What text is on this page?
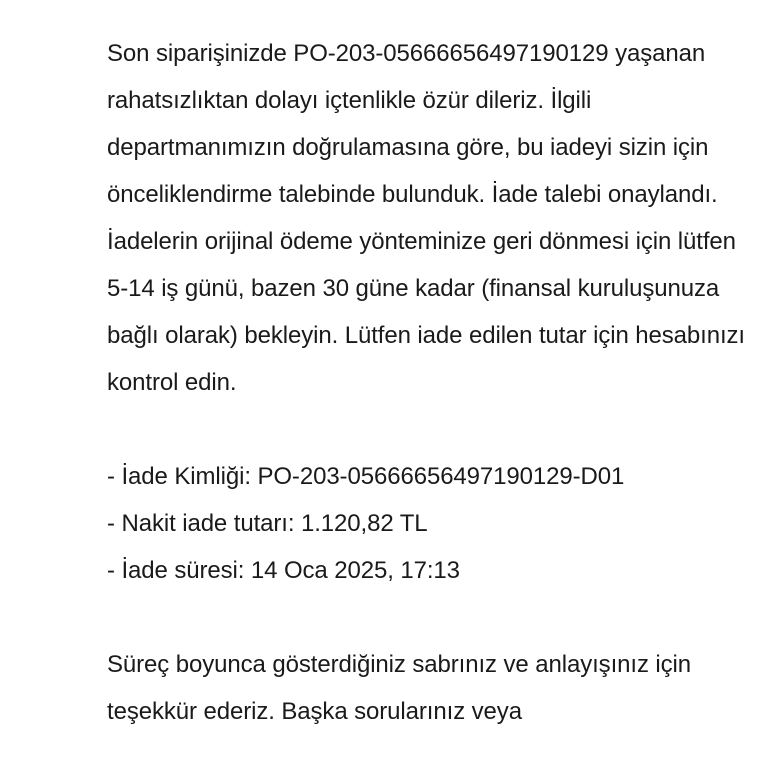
Son siparişinizde PO-203-05666656497190129 yaşanan rahatsızlıktan dolayı içtenlikle özür dileriz. İlgili departmanımızın doğrulamasına göre, bu iadeyi sizin için önceliklendirme talebinde bulunduk. İade talebi onaylandı. İadelerin orijinal ödeme yönteminize geri dönmesi için lütfen 5-14 iş günü, bazen 30 güne kadar (finansal kuruluşunuza bağlı olarak) bekleyin. Lütfen iade edilen tutar için hesabınızı kontrol edin.

- İade Kimliği: PO-203-05666656497190129-D01
- Nakit iade tutarı: 1.120,82 TL
- İade süresi: 14 Oca 2025, 17:13

Süreç boyunca gösterdiğiniz sabrınız ve anlayışınız için teşekkür ederiz. Başka sorularınız veya
